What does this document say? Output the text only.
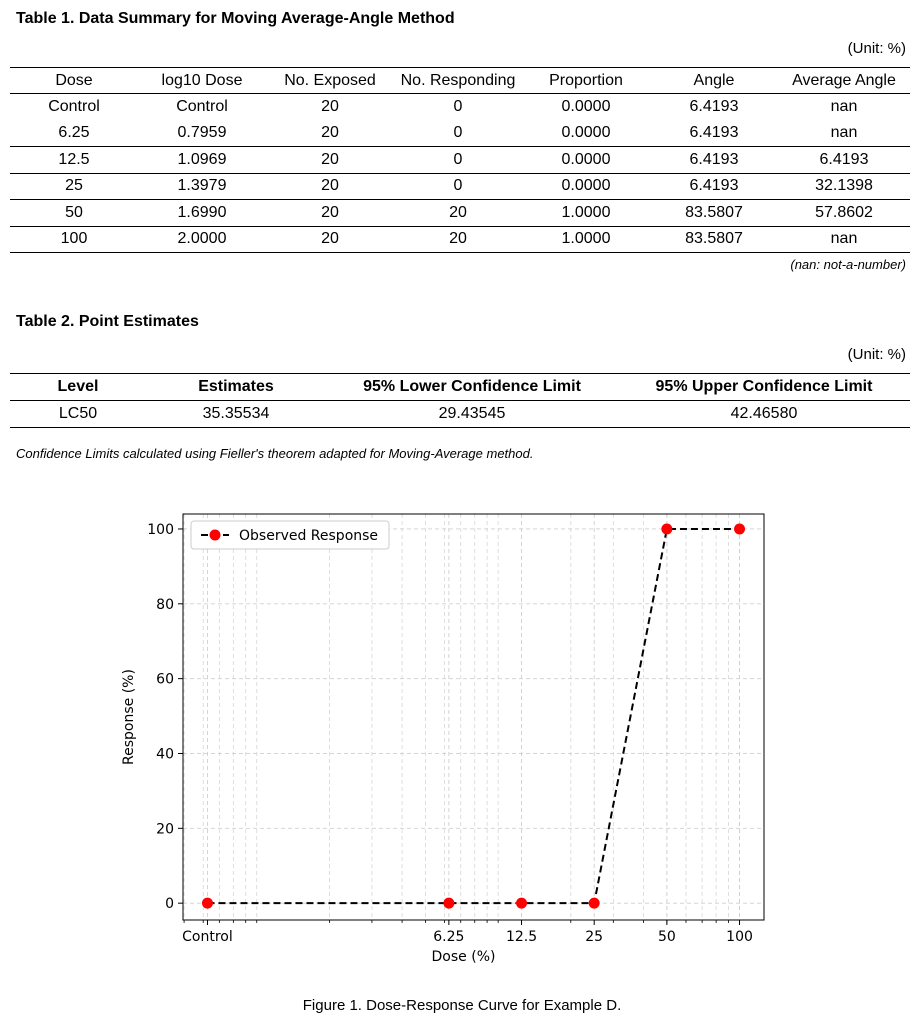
Table 1. Data Summary for Moving Average-Angle Method
(Unit: %)
Dose	log10 Dose	No. Exposed	No. Responding	Proportion	Angle	Average Angle
Control	Control	20	0	0.0000	6.4193	nan
6.25	0.7959	20	0	0.0000	6.4193	nan
12.5	1.0969	20	0	0.0000	6.4193	6.4193
25	1.3979	20	0	0.0000	6.4193	32.1398
50	1.6990	20	20	1.0000	83.5807	57.8602
100	2.0000	20	20	1.0000	83.5807	nan
(nan: not-a-number)
Table 2. Point Estimates
(Unit: %)
Level	Estimates	95% Lower Confidence Limit	95% Upper Confidence Limit
LC50	35.35534	29.43545	42.46580
Confidence Limits calculated using Fieller's theorem adapted for Moving-Average method.
Control	6.25	12.5	25	50	100
0
20
40
60
80
100
Dose (%)
Response (%)
Observed Response
Figure 1. Dose-Response Curve for Example D.
